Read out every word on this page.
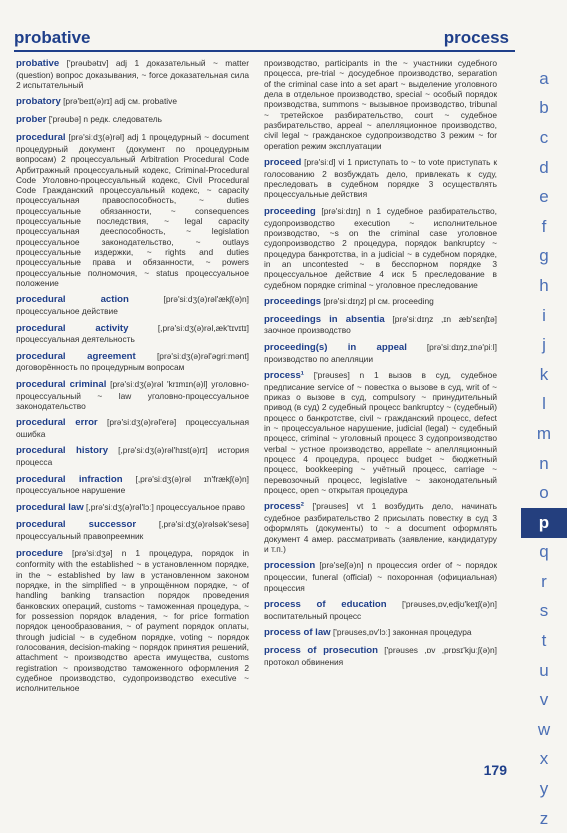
probative	process

probative ['prəubətɪv] adj 1 доказательный ~ matter (question) вопрос доказывания, ~ force доказательная сила 2 испытательный

probatory [prə'beɪt(ə)rɪ] adj см. probative

prober ['prəubə] n редк. следователь

procedural [prə'siːdʒ(ə)rəl] adj 1 процедурный ~ document процедурный документ (документ по процедурным вопросам) 2 процессуальный Arbitration Procedural Code Арбитражный процессуальный кодекс, Criminal-Procedural Code Уголовно-процессуальный кодекс, Civil Procedural Code Гражданский процессуальный кодекс, ~ capacity процессуальная правоспособность, ~ duties процессуальные обязанности, ~ consequences процессуальные последствия, ~ legal capacity процессуальная дееспособность, ~ legislation процессуальное законодательство, ~ outlays процессуальные издержки, ~ rights and duties процессуальные права и обязанности, ~ powers процессуальные полномочия, ~ status процессуальное положение

procedural action [prə'siːdʒ(ə)rəl'ækʃ(ə)n] процессуальное действие

procedural activity [,prə'siːdʒ(ə)rəl,æk'tɪvɪtɪ] процессуальная деятельность

procedural agreement [prə'siːdʒ(ə)rəl'əgriːmənt] договорённость по процедурным вопросам

procedural criminal [prə'siːdʒ(ə)rəl 'krɪmɪn(ə)l] уголовно-процессуальный ~ law уголовно-процессуальное законодательство

procedural error [prə'siːdʒ(ə)rəl'erə] процессуальная ошибка

procedural history [,prə'siːdʒ(ə)rəl'hɪst(ə)rɪ] история процесса

procedural infraction [,prə'siːdʒ(ə)rəl ɪn'frækʃ(ə)n] процессуальное нарушение

procedural law [,prə'siːdʒ(ə)rəl'lɔː] процессуальное право

procedural successor [,prə'siːdʒ(ə)rəlsək'sesə] процессуальный правопреемник

procedure [prə'siːdʒə] n 1 процедура, порядок in conformity with the established ~ в установленном порядке, in the ~ established by law в установленном законом порядке, in the simplified ~ в упрощённом порядке, ~ of handling banking transaction порядок проведения банковских операций, customs ~ таможенная процедура, ~ for possession порядок владения, ~ for price formation порядок ценообразования, ~ of payment порядок оплаты, through judicial ~ в судебном порядке, voting ~ порядок голосования, decision-making ~ порядок принятия решений, attachment ~ производство ареста имущества, customs registration ~ производство таможенного оформления 2 судебное производство, судопроизводство executive ~ исполнительное

производство, participants in the ~ участники судебного процесса, pre-trial ~ досудебное производство, separation of the criminal case into a set apart ~ выделение уголовного дела в отдельное производство, special ~ особый порядок производства, summons ~ вызывное производство, tribunal ~ третейское разбирательство, court ~ судебное разбирательство, appeal ~ апелляционное производство, civil legal ~ гражданское судопроизводство 3 режим ~ for operation режим эксплуатации

proceed [prə'siːd] vi 1 приступать to ~ to vote приступать к голосованию 2 возбуждать дело, привлекать к суду, преследовать в судебном порядке 3 осуществлять процессуальные действия

proceeding [prə'siːdɪŋ] n 1 судебное разбирательство, судопроизводство execution ~ исполнительное производство, ~s on the criminal case уголовное судопроизводство 2 процедура, порядок bankruptcy ~ процедура банкротства, in a judicial ~ в судебном порядке, in an uncontested ~ в бесспорном порядке 3 процессуальное действие 4 иск 5 преследование в судебном порядке criminal ~ уголовное преследование

proceedings [prə'siːdɪŋz] pl см. proceeding

proceedings in absentia [prə'siːdɪŋz ,ɪn æb'sɛnʃɪə] заочное производство

proceeding(s) in appeal [prə'siːdɪŋz,ɪnə'piːl] производство по апелляции

process¹ ['prəuses] n 1 вызов в суд, судебное предписание service of ~ повестка о вызове в суд, writ of ~ приказ о вызове в суд, compulsory ~ принудительный привод (в суд) 2 судебный процесс bankruptcy ~ (судебный) процесс о банкротстве, civil ~ гражданский процесс, defect in ~ процессуальное нарушение, judicial (legal) ~ судебный процесс, criminal ~ уголовный процесс 3 судопроизводство verbal ~ устное производство, appellate ~ апелляционный процесс 4 процедура, процесс budget ~ бюджетный процесс, bookkeeping ~ учётный процесс, carriage ~ перевозочный процесс, legislative ~ законодательный процесс, open ~ открытая процедура

process² ['prəuses] vt 1 возбудить дело, начинать судебное разбирательство 2 присылать повестку в суд 3 оформлять (документы) to ~ a document оформлять документ 4 амер. рассматривать (заявление, кандидатуру и т.п.)

procession [prə'seʃ(ə)n] n процессия order of ~ порядок процессии, funeral (official) ~ похоронная (официальная) процессия

process of education ['prəuses,ɒv,edjʊ'keɪʃ(ə)n] воспитательный процесс

process of law ['prəuses,ɒv'lɔː] законная процедура

process of prosecution ['prəuses ,ɒv ,prɒsɪ'kjuːʃ(ə)n] протокол обвинения

a
b
c
d
e
f
g
h
i
j
k
l
m
n
o
p
q
r
s
t
u
v
w
x
y
z
179
